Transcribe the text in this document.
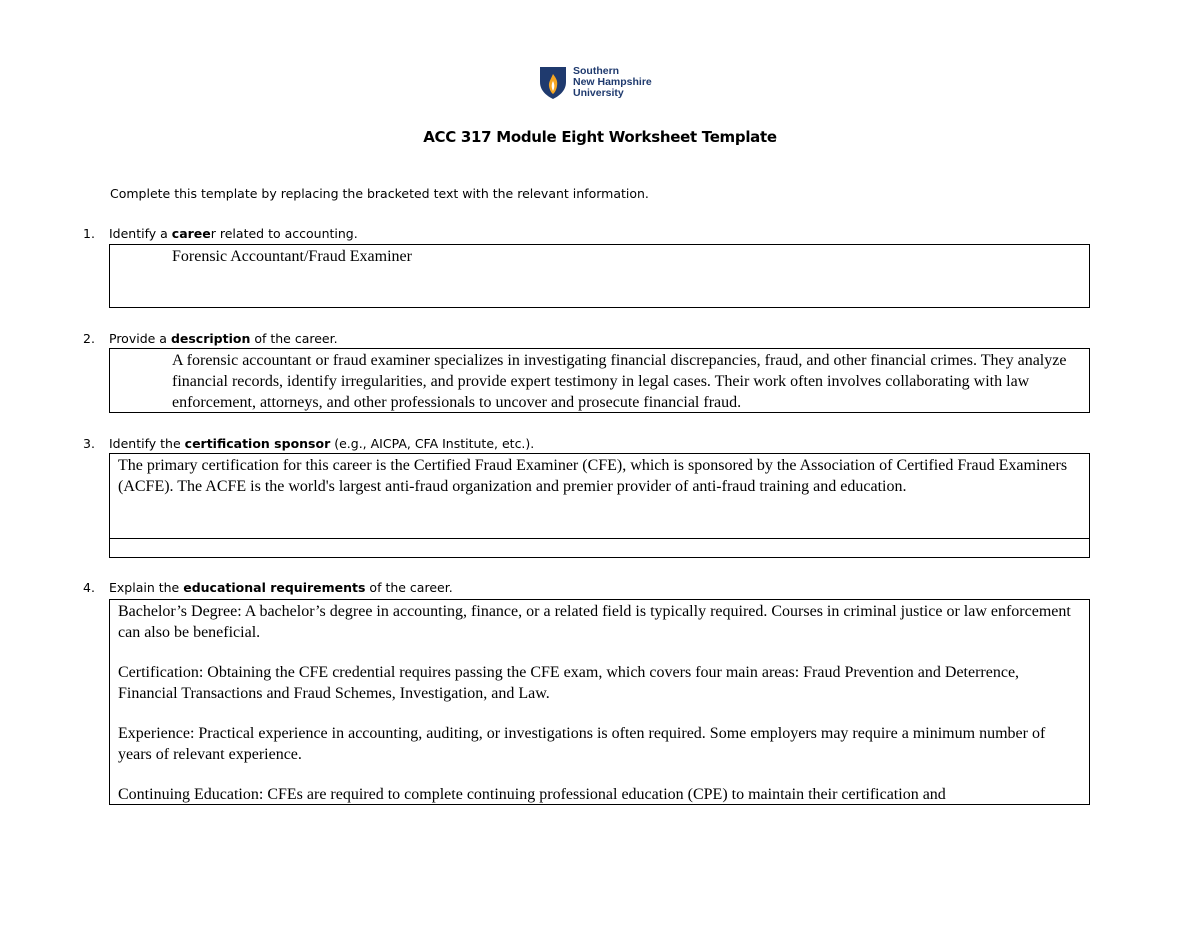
Southern
New Hampshire
University
ACC 317 Module Eight Worksheet Template
Complete this template by replacing the bracketed text with the relevant information.
1. Identify a career related to accounting.

Forensic Accountant/Fraud Examiner

2. Provide a description of the career.

A forensic accountant or fraud examiner specializes in investigating financial discrepancies, fraud, and other financial crimes. They analyze financial records, identify irregularities, and provide expert testimony in legal cases. Their work often involves collaborating with law enforcement, attorneys, and other professionals to uncover and prosecute financial fraud.

3. Identify the certification sponsor (e.g., AICPA, CFA Institute, etc.).

The primary certification for this career is the Certified Fraud Examiner (CFE), which is sponsored by the Association of Certified Fraud Examiners (ACFE). The ACFE is the world's largest anti-fraud organization and premier provider of anti-fraud training and education.

4. Explain the educational requirements of the career.

Bachelor’s Degree: A bachelor’s degree in accounting, finance, or a related field is typically required. Courses in criminal justice or law enforcement can also be beneficial.

Certification: Obtaining the CFE credential requires passing the CFE exam, which covers four main areas: Fraud Prevention and Deterrence, Financial Transactions and Fraud Schemes, Investigation, and Law.

Experience: Practical experience in accounting, auditing, or investigations is often required. Some employers may require a minimum number of years of relevant experience.

Continuing Education: CFEs are required to complete continuing professional education (CPE) to maintain their certification and
